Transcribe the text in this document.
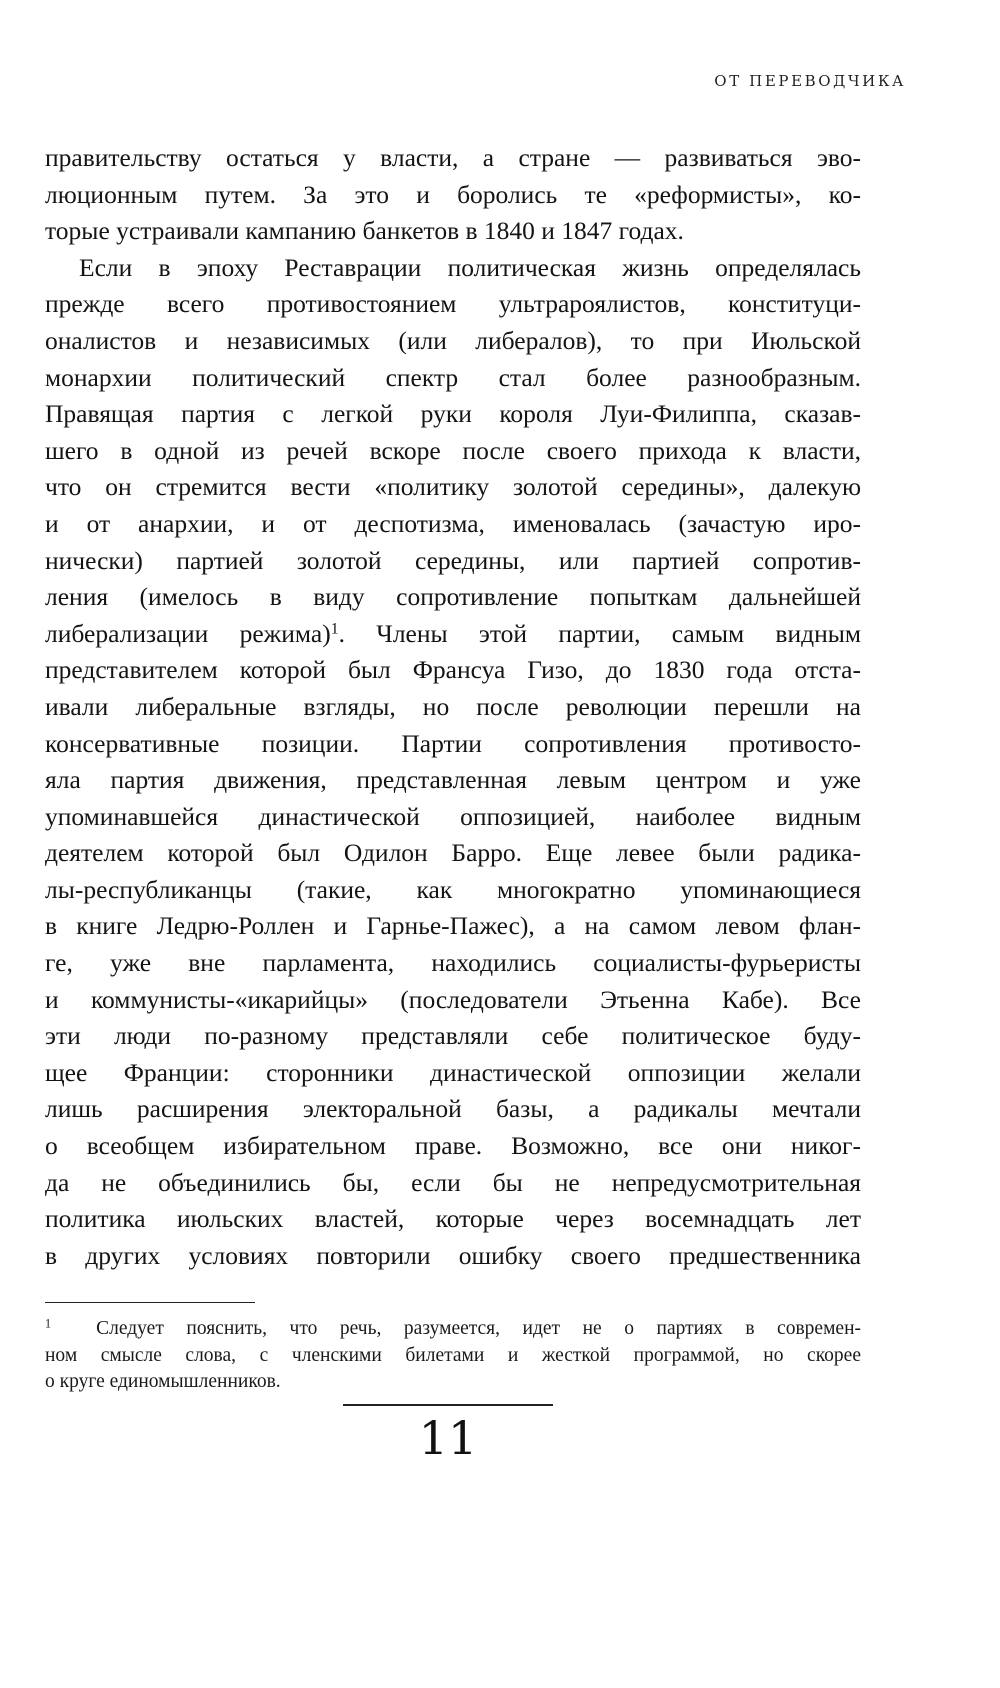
ОТ ПЕРЕВОДЧИКА
правительству остаться у власти, а стране — развиваться эво-
люционным путем. За это и боролись те «реформисты», ко-
торые устраивали кампанию банкетов в 1840 и 1847 годах.
Если в эпоху Реставрации политическая жизнь определялась
прежде всего противостоянием ультрароялистов, конституци-
оналистов и независимых (или либералов), то при Июльской
монархии политический спектр стал более разнообразным.
Правящая партия с легкой руки короля Луи-Филиппа, сказав-
шего в одной из речей вскоре после своего прихода к власти,
что он стремится вести «политику золотой середины», далекую
и от анархии, и от деспотизма, именовалась (зачастую иро-
нически) партией золотой середины, или партией сопротив-
ления (имелось в виду сопротивление попыткам дальнейшей
либерализации режима)$^1$. Члены этой партии, самым видным
представителем которой был Франсуа Гизо, до 1830 года отста-
ивали либеральные взгляды, но после революции перешли на
консервативные позиции. Партии сопротивления противосто-
яла партия движения, представленная левым центром и уже
упоминавшейся династической оппозицией, наиболее видным
деятелем которой был Одилон Барро. Еще левее были радика-
лы-республиканцы (такие, как многократно упоминающиеся
в книге Ледрю-Роллен и Гарнье-Пажес), а на самом левом флан-
ге, уже вне парламента, находились социалисты-фурьеристы
и коммунисты-«икарийцы» (последователи Этьенна Кабе). Все
эти люди по-разному представляли себе политическое буду-
щее Франции: сторонники династической оппозиции желали
лишь расширения электоральной базы, а радикалы мечтали
о всеобщем избирательном праве. Возможно, все они никог-
да не объединились бы, если бы не непредусмотрительная
политика июльских властей, которые через восемнадцать лет
в других условиях повторили ошибку своего предшественника
$^1$ Следует пояснить, что речь, разумеется, идет не о партиях в современ-
ном смысле слова, с членскими билетами и жесткой программой, но скорее
о круге единомышленников.
11
